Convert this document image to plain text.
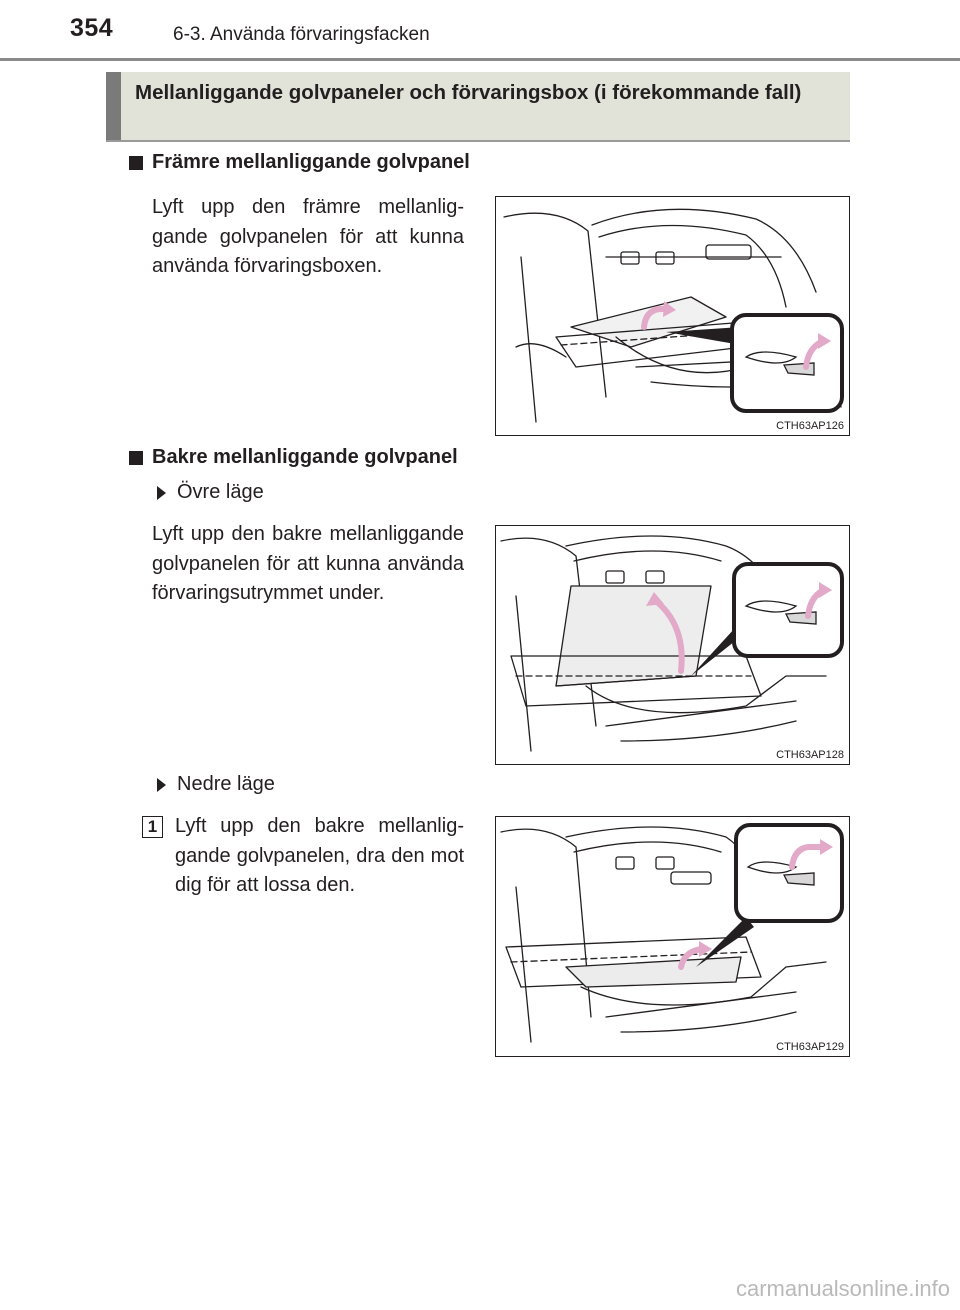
354	6-3. Använda förvaringsfacken
Mellanliggande golvpaneler och förvaringsbox (i förekommande fall)
Främre mellanliggande golvpanel
Lyft upp den främre mellanliggande golvpanelen för att kunna använda förvaringsboxen.
CTH63AP126
Bakre mellanliggande golvpanel
Övre läge
Lyft upp den bakre mellanliggande golvpanelen för att kunna använda förvaringsutrymmet under.
CTH63AP128
Nedre läge
1 Lyft upp den bakre mellanliggande golvpanelen, dra den mot dig för att lossa den.
CTH63AP129
carmanualsonline.info
